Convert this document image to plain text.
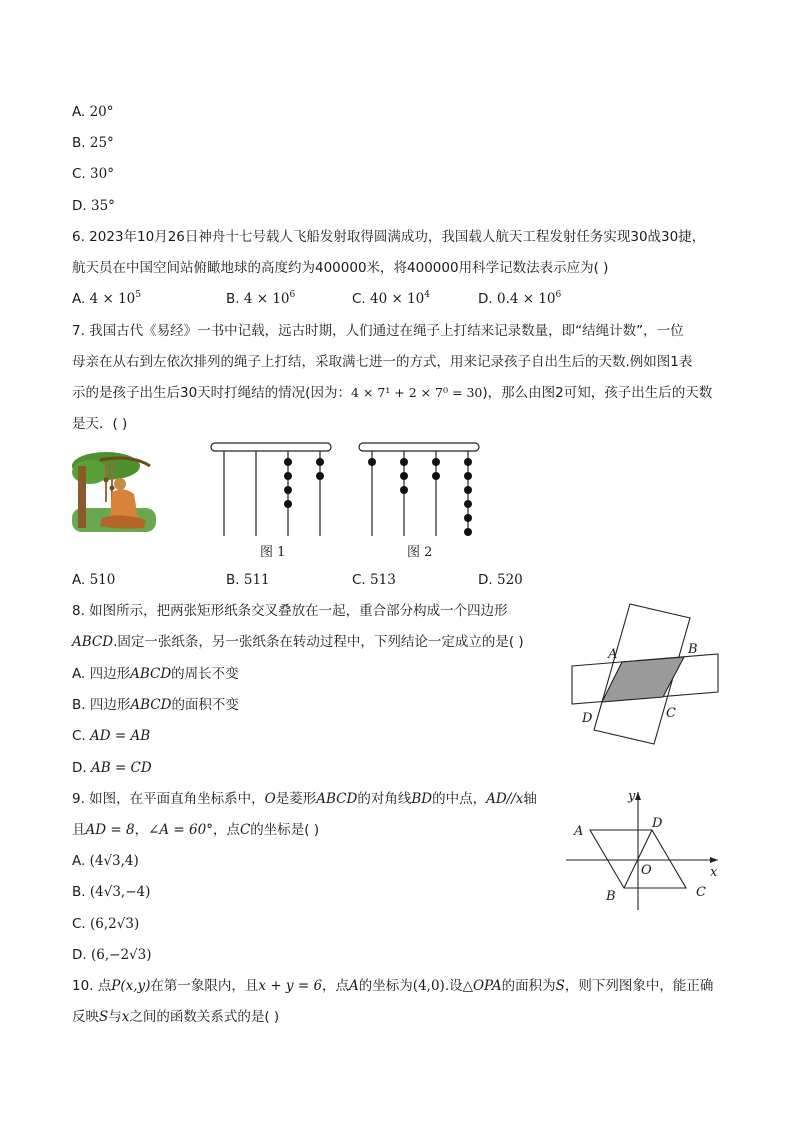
A. 20°
B. 25°
C. 30°
D. 35°
6. 2023年10月26日神舟十七号载人飞船发射取得圆满成功，我国载人航天工程发射任务实现30战30捷，
航天员在中国空间站俯瞰地球的高度约为400000米，将400000用科学记数法表示应为( )
A. $4 \times 10^5$	B. $4 \times 10^6$	C. $40 \times 10^4$	D. $0.4 \times 10^6$
7. 我国古代《易经》一书中记载，远古时期，人们通过在绳子上打结来记录数量，即“结绳计数”，一位
母亲在从右到左依次排列的绳子上打结，采取满七进一的方式，用来记录孩子自出生后的天数.例如图1表
示的是孩子出生后30天时打绳结的情况(因为：4 × 7¹ + 2 × 7⁰ = 30)，那么由图2可知，孩子出生后的天数
是天．( )
图 1	图 2
A. 510	B. 511	C. 513	D. 520
8. 如图所示，把两张矩形纸条交叉叠放在一起，重合部分构成一个四边形
ABCD.固定一张纸条，另一张纸条在转动过程中，下列结论一定成立的是( )
A. 四边形ABCD的周长不变
B. 四边形ABCD的面积不变
C. AD = AB
D. AB = CD
A	B
C
D
9. 如图，在平面直角坐标系中，O是菱形ABCD的对角线BD的中点，AD//x轴
且AD = 8，∠A = 60°，点C的坐标是( )
A. (4√3,4)
B. (4√3,−4)
C. (6,2√3)
D. (6,−2√3)
A
D
B	C
O	x
y
10. 点P(x,y)在第一象限内，且x + y = 6，点A的坐标为(4,0).设△OPA的面积为S，则下列图象中，能正确
反映S与x之间的函数关系式的是( )
